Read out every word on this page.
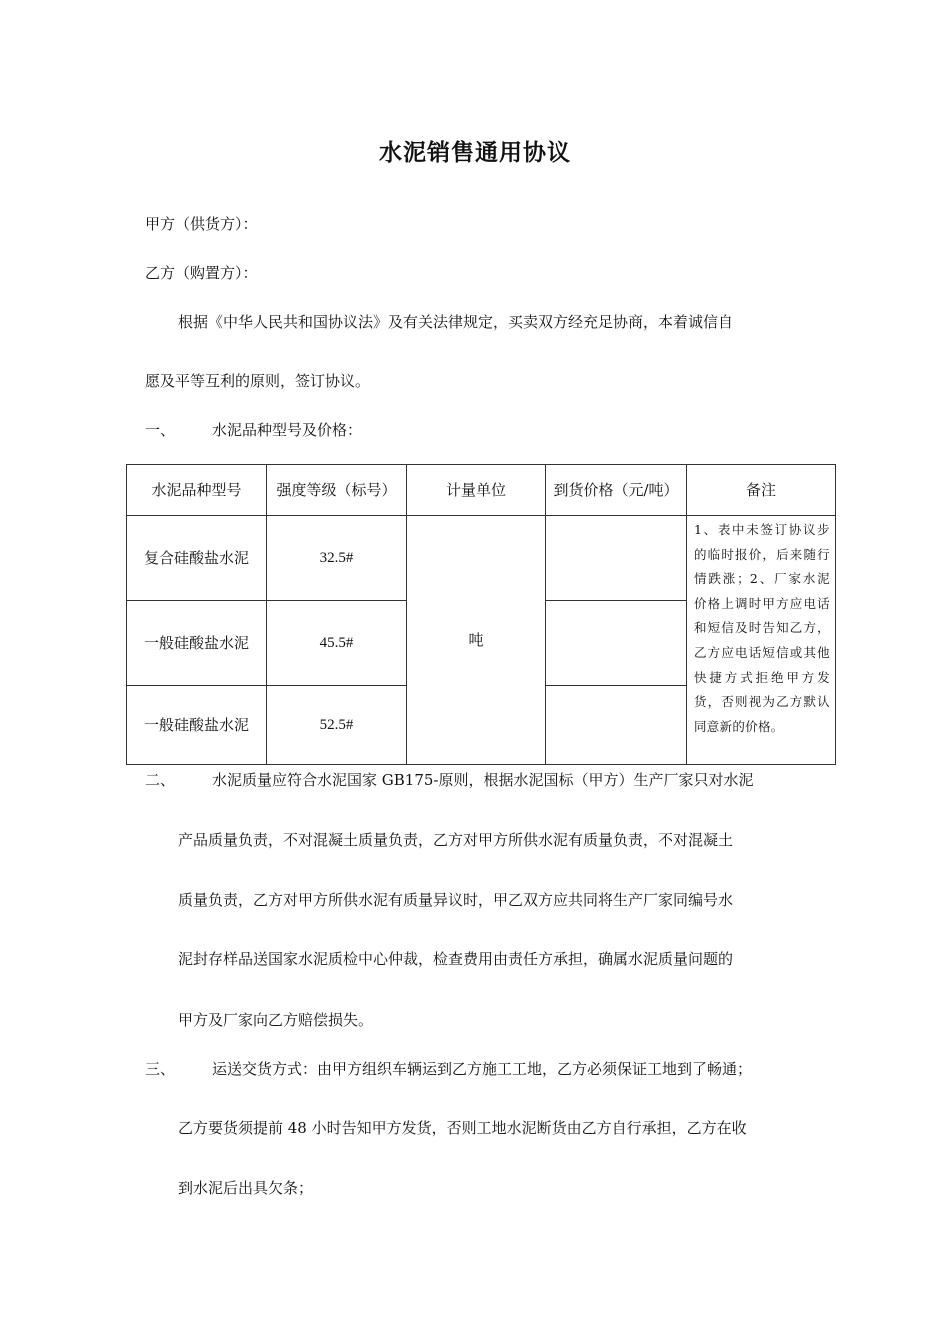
水泥销售通用协议
甲方（供货方）：
乙方（购置方）：
根据《中华人民共和国协议法》及有关法律规定，买卖双方经充足协商，本着诚信自
愿及平等互利的原则，签订协议。
一、 水泥品种型号及价格：
水泥品种型号	强度等级（标号）	计量单位	到货价格（元/吨）	备注
复合硅酸盐水泥	32.5#	吨		1、表中未签订协议步的临时报价，后来随行情跌涨；2、厂家水泥价格上调时甲方应电话和短信及时告知乙方，乙方应电话短信或其他快捷方式拒绝甲方发货，否则视为乙方默认同意新的价格。
一般硅酸盐水泥	45.5#			
一般硅酸盐水泥	52.5#			
二、 水泥质量应符合水泥国家 GB175-原则，根据水泥国标（甲方）生产厂家只对水泥
产品质量负责，不对混凝土质量负责，乙方对甲方所供水泥有质量负责，不对混凝土
质量负责，乙方对甲方所供水泥有质量异议时，甲乙双方应共同将生产厂家同编号水
泥封存样品送国家水泥质检中心仲裁，检查费用由责任方承担，确属水泥质量问题的
甲方及厂家向乙方赔偿损失。
三、 运送交货方式：由甲方组织车辆运到乙方施工工地，乙方必须保证工地到了畅通；
乙方要货须提前 48 小时告知甲方发货，否则工地水泥断货由乙方自行承担，乙方在收
到水泥后出具欠条；
